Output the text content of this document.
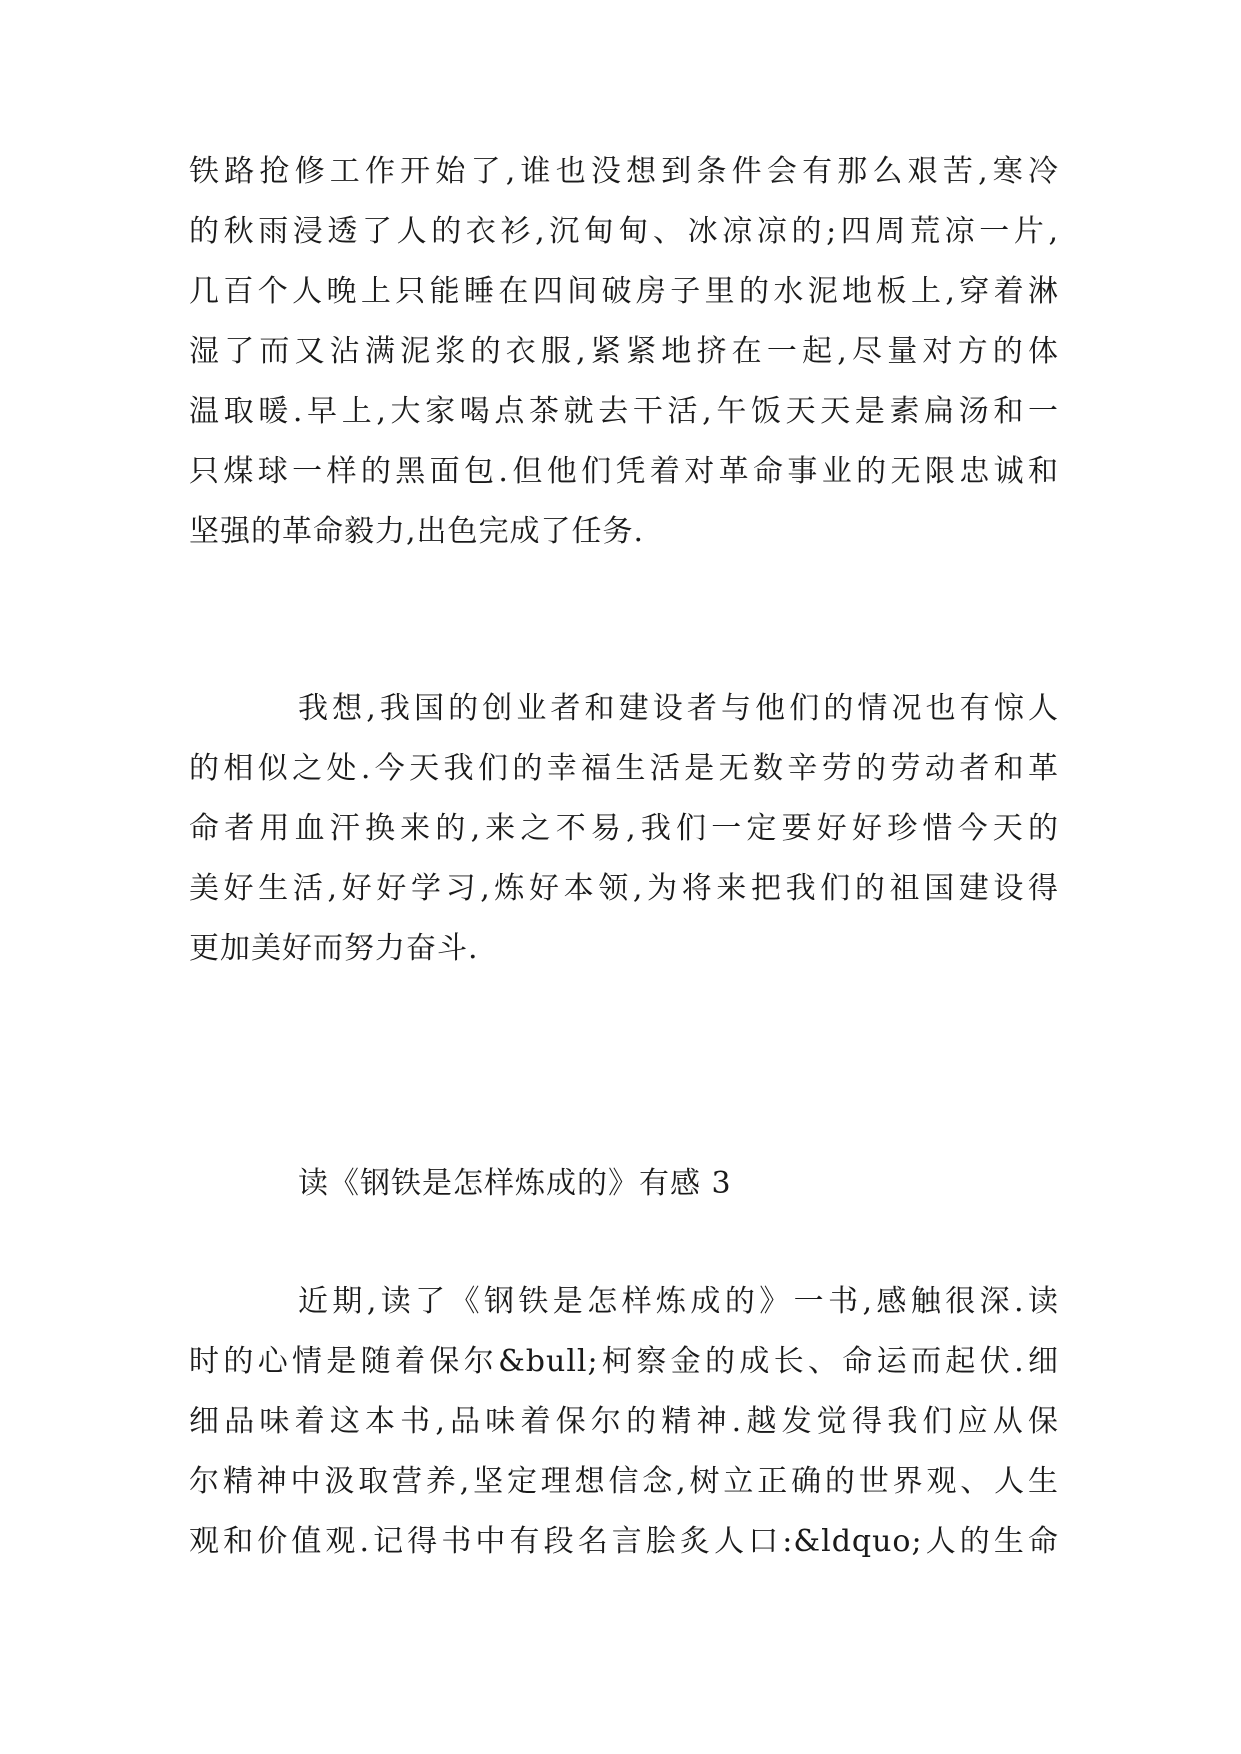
铁路抢修工作开始了,谁也没想到条件会有那么艰苦,寒冷

的秋雨浸透了人的衣衫,沉甸甸、冰凉凉的;四周荒凉一片,

几百个人晚上只能睡在四间破房子里的水泥地板上,穿着淋

湿了而又沾满泥浆的衣服,紧紧地挤在一起,尽量对方的体

温取暖.早上,大家喝点茶就去干活,午饭天天是素扁汤和一

只煤球一样的黑面包.但他们凭着对革命事业的无限忠诚和

坚强的革命毅力,出色完成了任务.

我想,我国的创业者和建设者与他们的情况也有惊人

的相似之处.今天我们的幸福生活是无数辛劳的劳动者和革

命者用血汗换来的,来之不易,我们一定要好好珍惜今天的

美好生活,好好学习,炼好本领,为将来把我们的祖国建设得

更加美好而努力奋斗.

读《钢铁是怎样炼成的》有感 3

近期,读了《钢铁是怎样炼成的》一书,感触很深.读

时的心情是随着保尔&bull;柯察金的成长、命运而起伏.细

细品味着这本书,品味着保尔的精神.越发觉得我们应从保

尔精神中汲取营养,坚定理想信念,树立正确的世界观、人生

观和价值观.记得书中有段名言脍炙人口:&ldquo;人的生命
